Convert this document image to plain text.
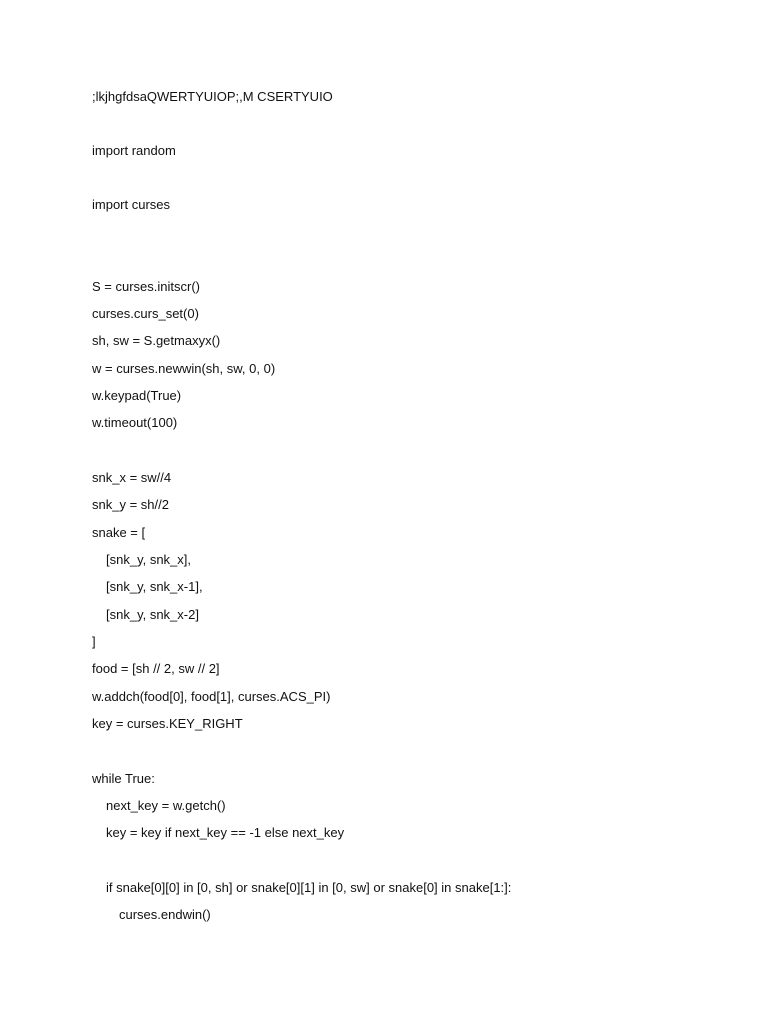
;lkjhgfdsaQWERTYUIOP;,M CSERTYUIO
import random
import curses
S = curses.initscr()
curses.curs_set(0)
sh, sw = S.getmaxyx()
w = curses.newwin(sh, sw, 0, 0)
w.keypad(True)
w.timeout(100)
snk_x = sw//4
snk_y = sh//2
snake = [
[snk_y, snk_x],
[snk_y, snk_x-1],
[snk_y, snk_x-2]
]
food = [sh // 2, sw // 2]
w.addch(food[0], food[1], curses.ACS_PI)
key = curses.KEY_RIGHT
while True:
next_key = w.getch()
key = key if next_key == -1 else next_key
if snake[0][0] in [0, sh] or snake[0][1] in [0, sw] or snake[0] in snake[1:]:
curses.endwin()
